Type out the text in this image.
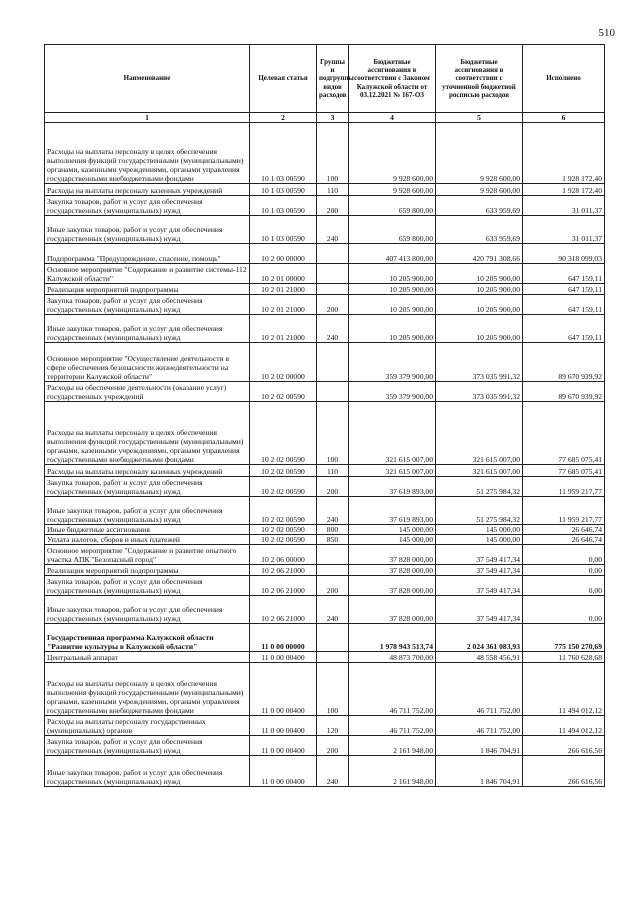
510
Наименование	Целевая статья	Группы и подгруппы видов расходов	Бюджетные ассигнования в соответствии с Законом Калужской области от 03.12.2021 № 167-ОЗ	Бюджетные ассигнования в соответствии с уточненной бюджетной росписью расходов	Исполнено
1	2	3	4	5	6
Расходы на выплаты персоналу в целях обеспечения выполнения функций государственными (муниципальными) органами, казенными учреждениями, органами управления государственными внебюджетными фондами	10 1 03 00590	100	9 928 600,00	9 928 600,00	1 928 172,40
Расходы на выплаты персоналу казенных учреждений	10 1 03 00590	110	9 928 600,00	9 928 600,00	1 928 172,40
Закупка товаров, работ и услуг для обеспечения государственных (муниципальных) нужд	10 1 03 00590	200	659 800,00	633 959,69	31 011,37
Иные закупки товаров, работ и услуг для обеспечения государственных (муниципальных) нужд	10 1 03 00590	240	659 800,00	633 959,69	31 011,37
Подпрограмма "Предупреждение, спасение, помощь"	10 2 00 00000		407 413 800,00	420 791 308,66	90 318 099,03
Основное мероприятие "Содержание и развитие системы-112 Калужской области"	10 2 01 00000		10 205 900,00	10 205 900,00	647 159,11
Реализация мероприятий подпрограммы	10 2 01 21000		10 205 900,00	10 205 900,00	647 159,11
Закупка товаров, работ и услуг для обеспечения государственных (муниципальных) нужд	10 2 01 21000	200	10 205 900,00	10 205 900,00	647 159,11
Иные закупки товаров, работ и услуг для обеспечения государственных (муниципальных) нужд	10 2 01 21000	240	10 205 900,00	10 205 900,00	647 159,11
Основное мероприятие "Осуществление деятельности в сфере обеспечения безопасности жизнедеятельности на территории Калужской области"	10 2 02 00000		359 379 900,00	373 035 991,32	89 670 939,92
Расходы на обеспечение деятельности (оказание услуг) государственных учреждений	10 2 02 00590		359 379 900,00	373 035 991,32	89 670 939,92
Расходы на выплаты персоналу в целях обеспечения выполнения функций государственными (муниципальными) органами, казенными учреждениями, органами управления государственными внебюджетными фондами	10 2 02 00590	100	321 615 007,00	321 615 007,00	77 685 075,41
Расходы на выплаты персоналу казенных учреждений	10 2 02 00590	110	321 615 007,00	321 615 007,00	77 685 075,41
Закупка товаров, работ и услуг для обеспечения государственных (муниципальных) нужд	10 2 02 00590	200	37 619 893,00	51 275 984,32	11 959 217,77
Иные закупки товаров, работ и услуг для обеспечения государственных (муниципальных) нужд	10 2 02 00590	240	37 619 893,00	51 275 984,32	11 959 217,77
Иные бюджетные ассигнования	10 2 02 00590	800	145 000,00	145 000,00	26 646,74
Уплата налогов, сборов и иных платежей	10 2 02 00590	850	145 000,00	145 000,00	26 646,74
Основное мероприятие "Содержание и развитие опытного участка АПК "Безопасный город"	10 2 06 00000		37 828 000,00	37 549 417,34	0,00
Реализация мероприятий подпрограммы	10 2 06 21000		37 828 000,00	37 549 417,34	0,00
Закупка товаров, работ и услуг для обеспечения государственных (муниципальных) нужд	10 2 06 21000	200	37 828 000,00	37 549 417,34	0,00
Иные закупки товаров, работ и услуг для обеспечения государственных (муниципальных) нужд	10 2 06 21000	240	37 828 000,00	37 549 417,34	0,00
Государственная программа Калужской области "Развитие культуры в Калужской области"	11 0 00 00000		1 978 943 513,74	2 024 361 083,93	775 150 270,69
Центральный аппарат	11 0 00 00400		48 873 700,00	48 558 456,91	11 760 628,68
Расходы на выплаты персоналу в целях обеспечения выполнения функций государственными (муниципальными) органами, казенными учреждениями, органами управления государственными внебюджетными фондами	11 0 00 00400	100	46 711 752,00	46 711 752,00	11 494 012,12
Расходы на выплаты персоналу государственных (муниципальных) органов	11 0 00 00400	120	46 711 752,00	46 711 752,00	11 494 012,12
Закупка товаров, работ и услуг для обеспечения государственных (муниципальных) нужд	11 0 00 00400	200	2 161 948,00	1 846 704,91	266 616,56
Иные закупки товаров, работ и услуг для обеспечения государственных (муниципальных) нужд	11 0 00 00400	240	2 161 948,00	1 846 704,91	266 616,56
